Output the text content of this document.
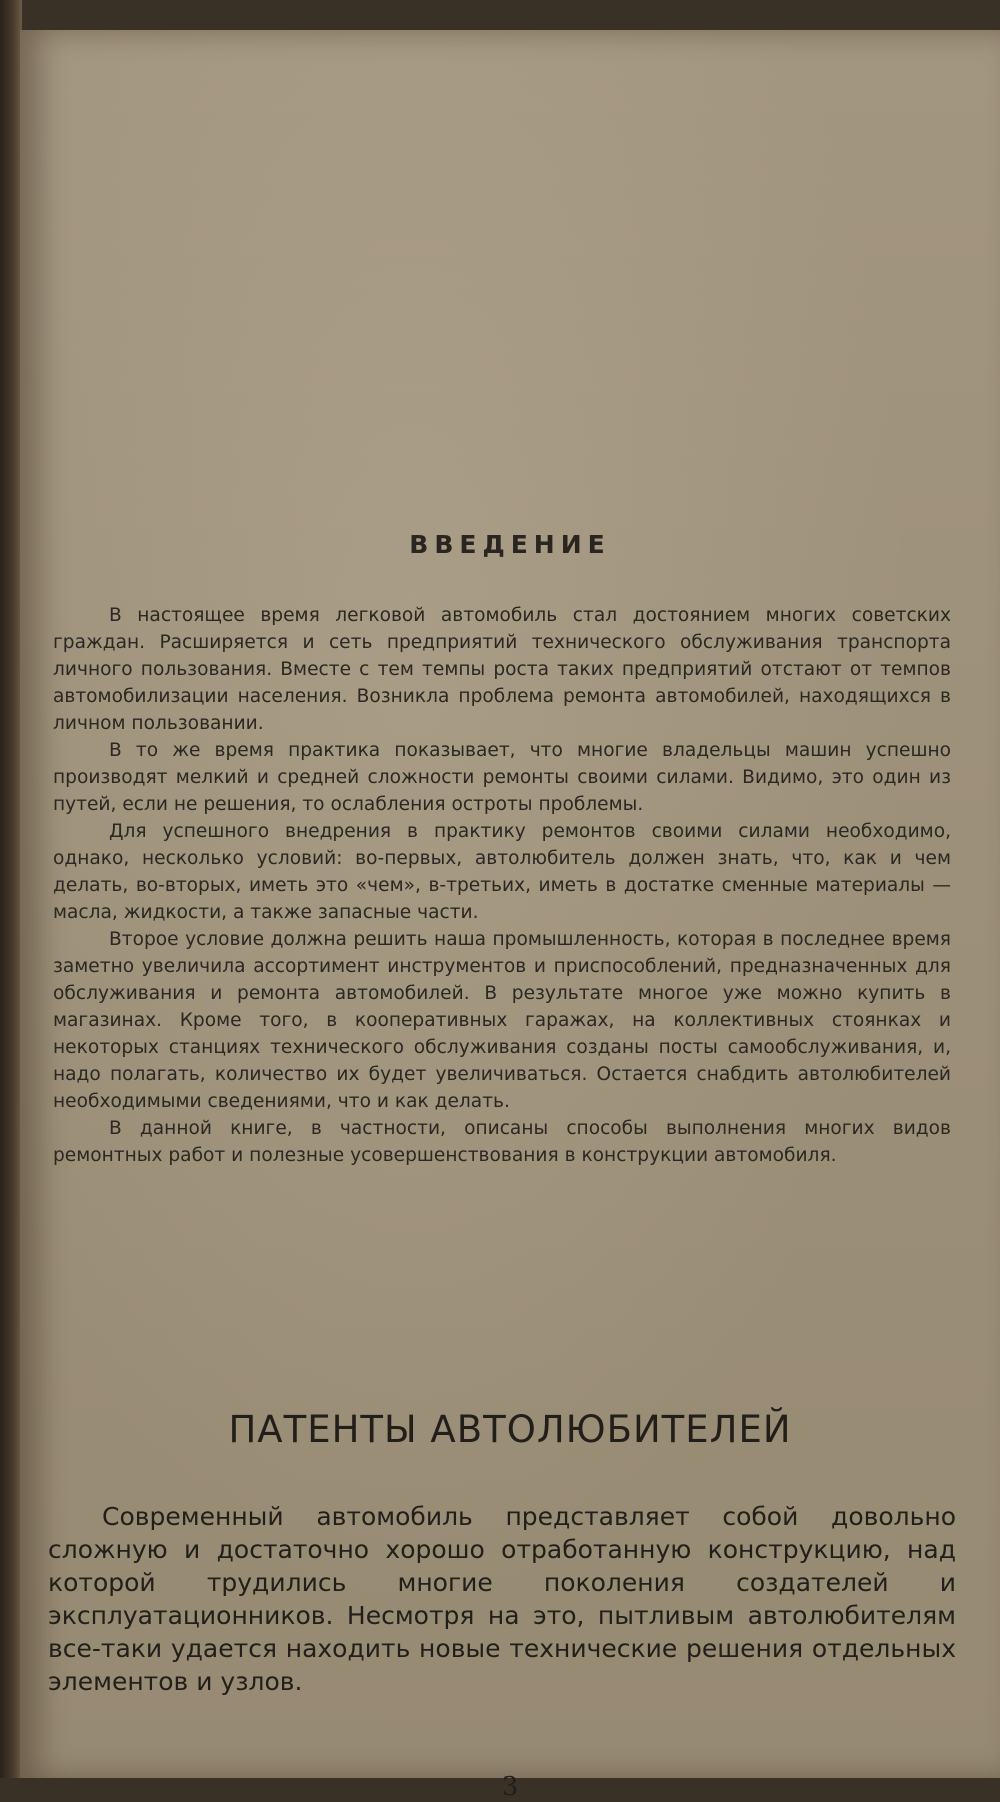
ВВЕДЕНИЕ

В настоящее время легковой автомобиль стал достоянием многих советских граждан. Расширяется и сеть предприятий технического обслуживания транспорта личного пользования. Вместе с тем темпы роста таких предприятий отстают от темпов автомобилизации населения. Возникла проблема ремонта автомобилей, находящихся в личном пользовании.

В то же время практика показывает, что многие владельцы машин успешно производят мелкий и средней сложности ремонты своими силами. Видимо, это один из путей, если не решения, то ослабления остроты проблемы.

Для успешного внедрения в практику ремонтов своими силами необходимо, однако, несколько условий: во-первых, автолюбитель должен знать, что, как и чем делать, во-вторых, иметь это «чем», в-третьих, иметь в достатке сменные материалы — масла, жидкости, а также запасные части.

Второе условие должна решить наша промышленность, которая в последнее время заметно увеличила ассортимент инструментов и приспособлений, предназначенных для обслуживания и ремонта автомобилей. В результате многое уже можно купить в магазинах. Кроме того, в кооперативных гаражах, на коллективных стоянках и некоторых станциях технического обслуживания созданы посты самообслуживания, и, надо полагать, количество их будет увеличиваться. Остается снабдить автолюбителей необходимыми сведениями, что и как делать.

В данной книге, в частности, описаны способы выполнения многих видов ремонтных работ и полезные усовершенствования в конструкции автомобиля.

ПАТЕНТЫ АВТОЛЮБИТЕЛЕЙ

Современный автомобиль представляет собой довольно сложную и достаточно хорошо отработанную конструкцию, над которой трудились многие поколения создателей и эксплуатационников. Несмотря на это, пытливым автолюбителям все-таки удается находить новые технические решения отдельных элементов и узлов.

3
